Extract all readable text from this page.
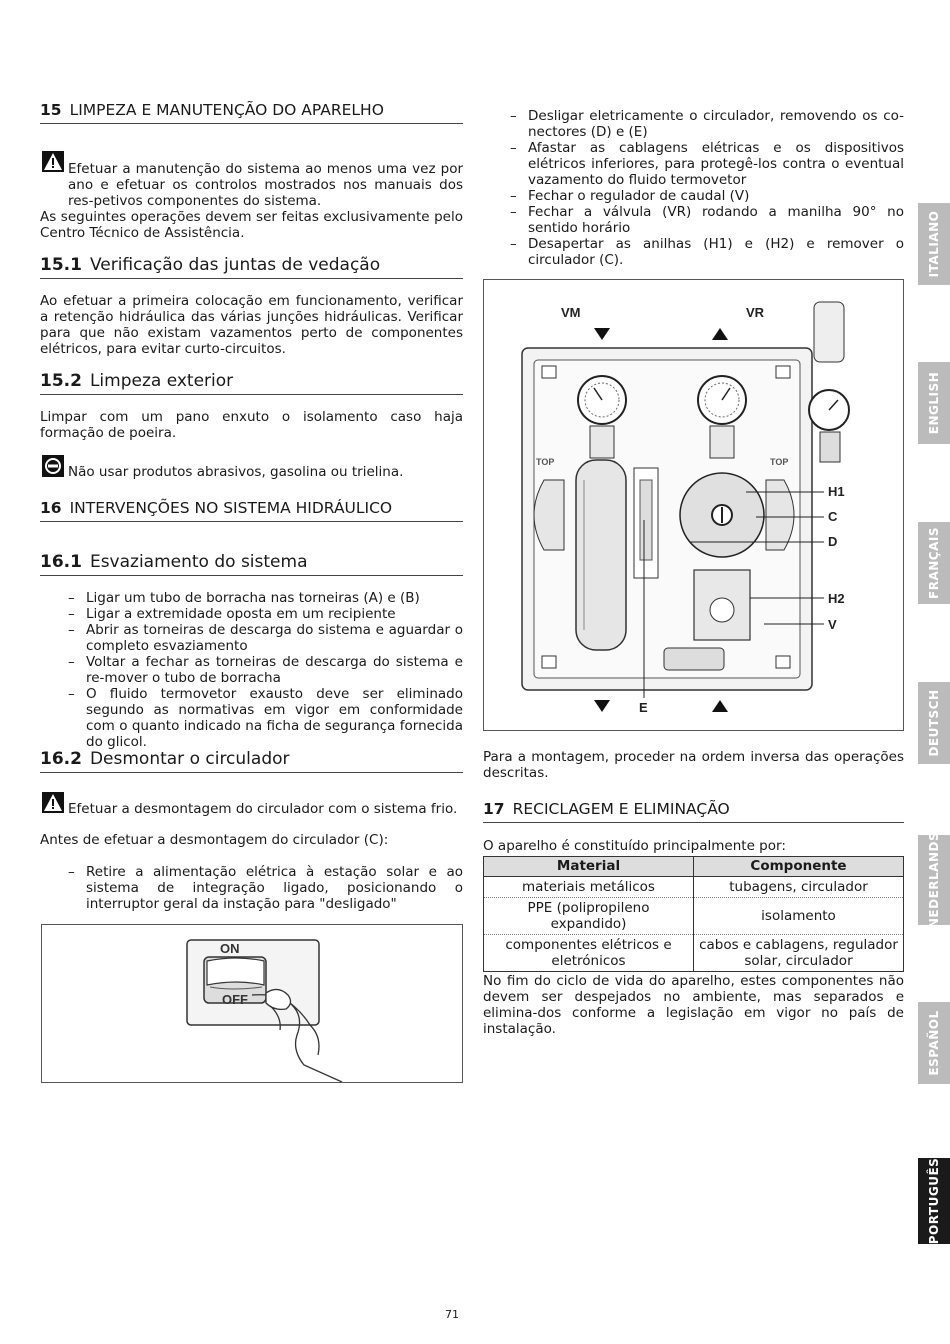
15 LIMPEZA E MANUTENÇÃO DO APARELHO

Efetuar a manutenção do sistema ao menos uma vez por ano e efetuar os controlos mostrados nos manuais dos res-petivos componentes do sistema.

As seguintes operações devem ser feitas exclusivamente pelo Centro Técnico de Assistência.

15.1 Verificação das juntas de vedação

Ao efetuar a primeira colocação em funcionamento, verificar a retenção hidráulica das várias junções hidráulicas. Verificar para que não existam vazamentos perto de componentes elétricos, para evitar curto-circuitos.

15.2 Limpeza exterior

Limpar com um pano enxuto o isolamento caso haja formação de poeira.

Não usar produtos abrasivos, gasolina ou trielina.

16 INTERVENÇÕES NO SISTEMA HIDRÁULICO
16.1 Esvaziamento do sistema
– Ligar um tubo de borracha nas torneiras (A) e (B)
– Ligar a extremidade oposta em um recipiente
– Abrir as torneiras de descarga do sistema e aguardar o completo esvaziamento
– Voltar a fechar as torneiras de descarga do sistema e re-mover o tubo de borracha
– O fluido termovetor exausto deve ser eliminado segundo as normativas em vigor em conformidade com o quanto indicado na ficha de segurança fornecida do glicol.
16.2 Desmontar o circulador

Efetuar a desmontagem do circulador com o sistema frio.

Antes de efetuar a desmontagem do circulador (C):

– Retire a alimentação elétrica à estação solar e ao sistema de integração ligado, posicionando o interruptor geral da instação para "desligado"
ON
OFF
– Desligar eletricamente o circulador, removendo os co-nectores (D) e (E)
– Afastar as cablagens elétricas e os dispositivos elétricos inferiores, para protegê-los contra o eventual vazamento do fluido termovetor
– Fechar o regulador de caudal (V)
– Fechar a válvula (VR) rodando a manilha 90° no sentido horário
– Desapertar as anilhas (H1) e (H2) e remover o circulador (C).
VM	VR
TOP	TOP
H1
C
D
H2
V
E

Para a montagem, proceder na ordem inversa das operações descritas.

17 RECICLAGEM E ELIMINAÇÃO

O aparelho é constituído principalmente por:

Material	Componente
materiais metálicos	tubagens, circulador
PPE (polipropileno expandido)	isolamento
componentes elétricos e eletrónicos	cabos e cablagens, regulador solar, circulador

No fim do ciclo de vida do aparelho, estes componentes não devem ser despejados no ambiente, mas separados e elimina-dos conforme a legislação em vigor no país de instalação.

ITALIANO
ENGLISH
FRANÇAIS
DEUTSCH
NEDERLANDS
ESPAÑOL
PORTUGUÊS
71
